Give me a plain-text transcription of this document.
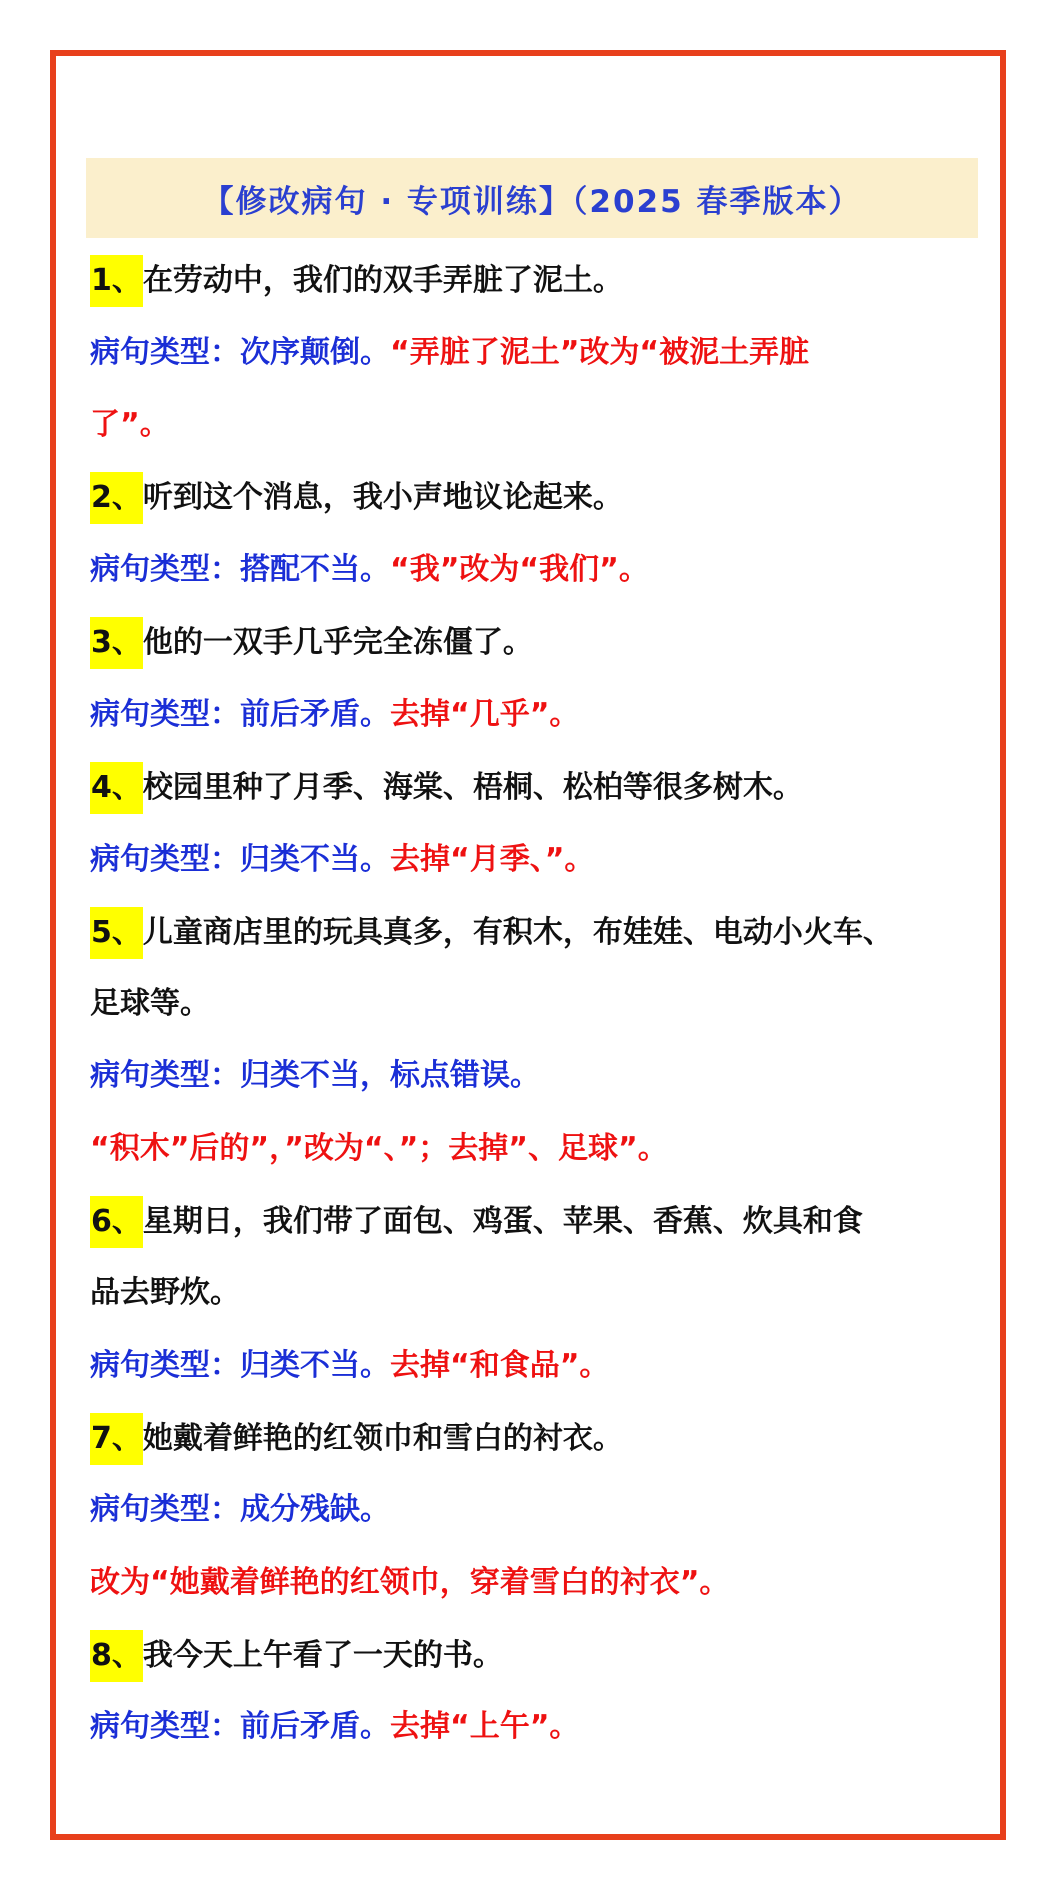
【修改病句 · 专项训练】（2025 春季版本）
1、在劳动中，我们的双手弄脏了泥土。
病句类型：次序颠倒。“弄脏了泥土”改为“被泥土弄脏
了”。
2、听到这个消息，我小声地议论起来。
病句类型：搭配不当。“我”改为“我们”。
3、他的一双手几乎完全冻僵了。
病句类型：前后矛盾。去掉“几乎”。
4、校园里种了月季、海棠、梧桐、松柏等很多树木。
病句类型：归类不当。去掉“月季、”。
5、儿童商店里的玩具真多，有积木，布娃娃、电动小火车、
足球等。
病句类型：归类不当，标点错误。
“积木”后的”，”改为“、”；去掉”、足球”。
6、星期日，我们带了面包、鸡蛋、苹果、香蕉、炊具和食
品去野炊。
病句类型：归类不当。去掉“和食品”。
7、她戴着鲜艳的红领巾和雪白的衬衣。
病句类型：成分残缺。
改为“她戴着鲜艳的红领巾，穿着雪白的衬衣”。
8、我今天上午看了一天的书。
病句类型：前后矛盾。去掉“上午”。
